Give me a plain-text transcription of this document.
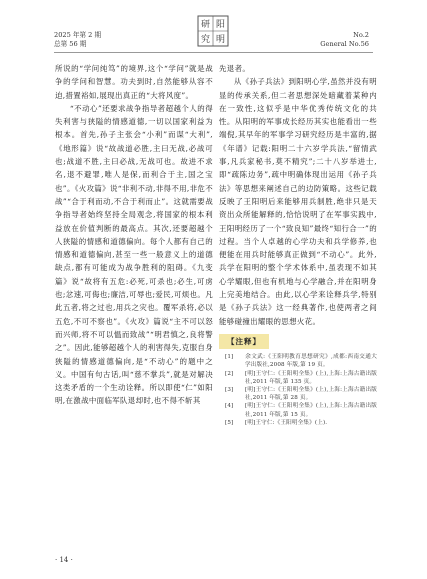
2025 年第 2 期
总第 56 期
研
究
阳
明	No.2
General No.56

所说的“学问纯笃”的境界,这个“学问”就是战争的学问和智慧。功夫到时,自然能够从容不迫,措置裕如,展现出真正的“大将风度”。

“不动心”还要求战争指导者超越个人的得失利害与狭隘的情感道德,一切以国家利益为根本。首先,孙子主张会“小利”而谋“大利”,《地形篇》说“故战道必胜,主曰无战,必战可也;战道不胜,主曰必战,无战可也。故进不求名,退不避罪,唯人是保,而利合于主,国之宝也”。《火攻篇》说“非利不动,非得不用,非危不战”“合于利而动,不合于利而止”。这就需要战争指导者始终坚持全局观念,将国家的根本利益放在价值判断的最高点。其次,还要超越个人狭隘的情感和道德偏向。每个人都有自己的情感和道德偏向,甚至一些一般意义上的道德缺点,都有可能成为战争胜利的阻碍。《九变篇》说“故将有五危:必死,可杀也;必生,可虏也;忿速,可侮也;廉洁,可辱也;爱民,可烦也。凡此五者,将之过也,用兵之灾也。覆军杀将,必以五危,不可不察也”。《火攻》篇说“主不可以怒而兴师,将不可以愠而致战”“明君慎之,良将警之”。因此,能够超越个人的利害得失,克服自身狭隘的情感道德偏向,是“不动心”的题中之义。中国有句古话,叫“慈不掌兵”,就是对解决这类矛盾的一个生动诠释。所以即使“仁”如阳明,在激战中面临军队退却时,也不得不斩其

先退者。

从《孙子兵法》到阳明心学,虽然并没有明显的传承关系,但二者思想深处暗藏着某种内在一致性,这似乎是中华优秀传统文化的共性。从阳明的军事成长经历其实也能看出一些端倪,其早年的军事学习研究经历是丰富的,据《年谱》记载:阳明二十六岁学兵法,“留情武事,凡兵家秘书,莫不精究”;二十八岁举进士,即“疏陈边务”,疏中明确体现出运用《孙子兵法》等思想来阐述自己的边防策略。这些记载反映了王阳明后来能够用兵制胜,绝非只是天资出众所能解释的,恰恰说明了在军事实践中,王阳明经历了一个“致良知”最终“知行合一”的过程。当个人卓越的心学功夫和兵学修养,也便能在用兵时能够真正做到“不动心”。此外,兵学在阳明的整个学术体系中,虽表现不如其心学耀眼,但也有机地与心学融合,并在阳明身上完美地结合。由此,以心学来诠释兵学,特别是《孙子兵法》这一经典著作,也使两者之间能够碰撞出耀眼的思想火花。

【注释】
[1] 余文武:《王阳明教育思想研究》,成都:西南交通大学出版社,2008 年版,第 19 页。
[2] [明]王守仁:《王阳明全集》(上),上海:上海古籍出版社,2011 年版,第 135 页。
[3] [明]王守仁:《王阳明全集》(上),上海:上海古籍出版社,2011 年版,第 28 页。
[4] [明]王守仁:《王阳明全集》(上),上海:上海古籍出版社,2011 年版,第 15 页。
[5] [明]王守仁:《王阳明全集》(上).
· 14 ·
